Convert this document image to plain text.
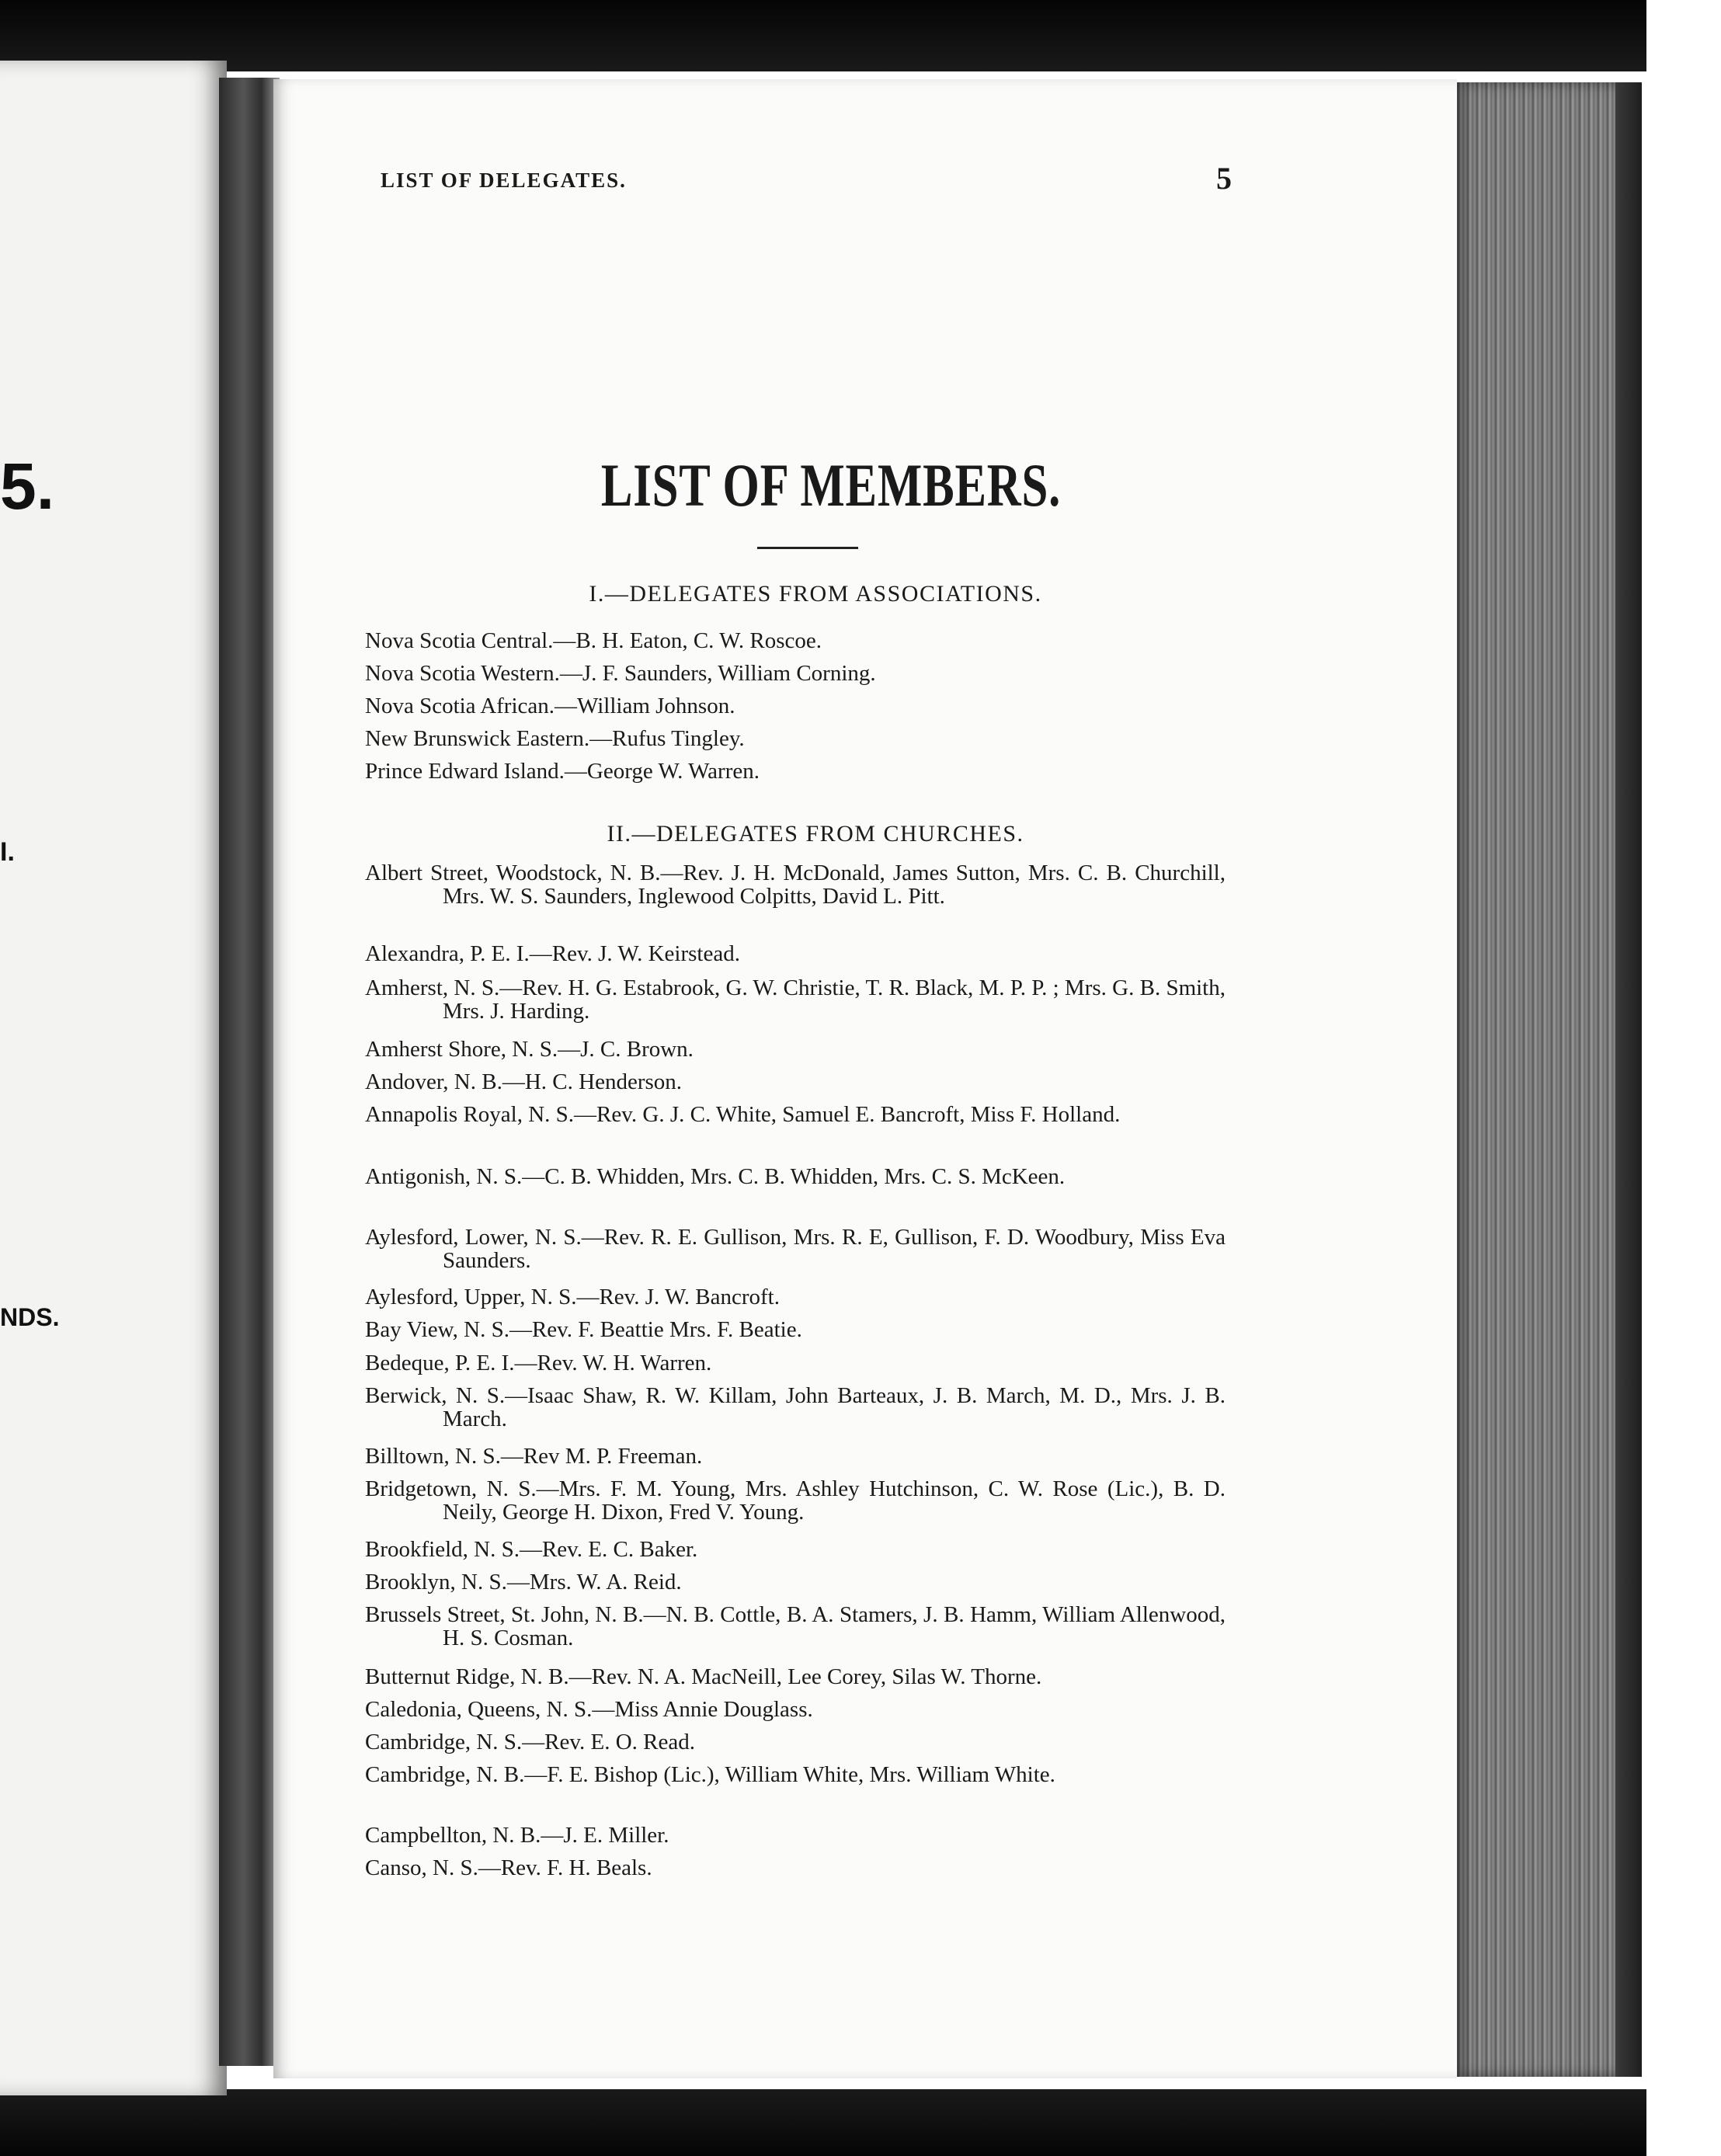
5.
I.
NDS.
LIST OF DELEGATES.	5
LIST OF MEMBERS.
I.—DELEGATES FROM ASSOCIATIONS.
Nova Scotia Central.—B. H. Eaton, C. W. Roscoe.
Nova Scotia Western.—J. F. Saunders, William Corning.
Nova Scotia African.—William Johnson.
New Brunswick Eastern.—Rufus Tingley.
Prince Edward Island.—George W. Warren.
II.—DELEGATES FROM CHURCHES.
Albert Street, Woodstock, N. B.—Rev. J. H. McDonald, James Sutton, Mrs. C. B. Churchill, Mrs. W. S. Saunders, Inglewood Colpitts, David L. Pitt.
Alexandra, P. E. I.—Rev. J. W. Keirstead.
Amherst, N. S.—Rev. H. G. Estabrook, G. W. Christie, T. R. Black, M. P. P. ; Mrs. G. B. Smith, Mrs. J. Harding.
Amherst Shore, N. S.—J. C. Brown.
Andover, N. B.—H. C. Henderson.
Annapolis Royal, N. S.—Rev. G. J. C. White, Samuel E. Bancroft, Miss F. Holland.
Antigonish, N. S.—C. B. Whidden, Mrs. C. B. Whidden, Mrs. C. S. McKeen.
Aylesford, Lower, N. S.—Rev. R. E. Gullison, Mrs. R. E, Gullison, F. D. Woodbury, Miss Eva Saunders.
Aylesford, Upper, N. S.—Rev. J. W. Bancroft.
Bay View, N. S.—Rev. F. Beattie Mrs. F. Beatie.
Bedeque, P. E. I.—Rev. W. H. Warren.
Berwick, N. S.—Isaac Shaw, R. W. Killam, John Barteaux, J. B. March, M. D., Mrs. J. B. March.
Billtown, N. S.—Rev M. P. Freeman.
Bridgetown, N. S.—Mrs. F. M. Young, Mrs. Ashley Hutchinson, C. W. Rose (Lic.), B. D. Neily, George H. Dixon, Fred V. Young.
Brookfield, N. S.—Rev. E. C. Baker.
Brooklyn, N. S.—Mrs. W. A. Reid.
Brussels Street, St. John, N. B.—N. B. Cottle, B. A. Stamers, J. B. Hamm, William Allenwood, H. S. Cosman.
Butternut Ridge, N. B.—Rev. N. A. MacNeill, Lee Corey, Silas W. Thorne.
Caledonia, Queens, N. S.—Miss Annie Douglass.
Cambridge, N. S.—Rev. E. O. Read.
Cambridge, N. B.—F. E. Bishop (Lic.), William White, Mrs. William White.
Campbellton, N. B.—J. E. Miller.
Canso, N. S.—Rev. F. H. Beals.
